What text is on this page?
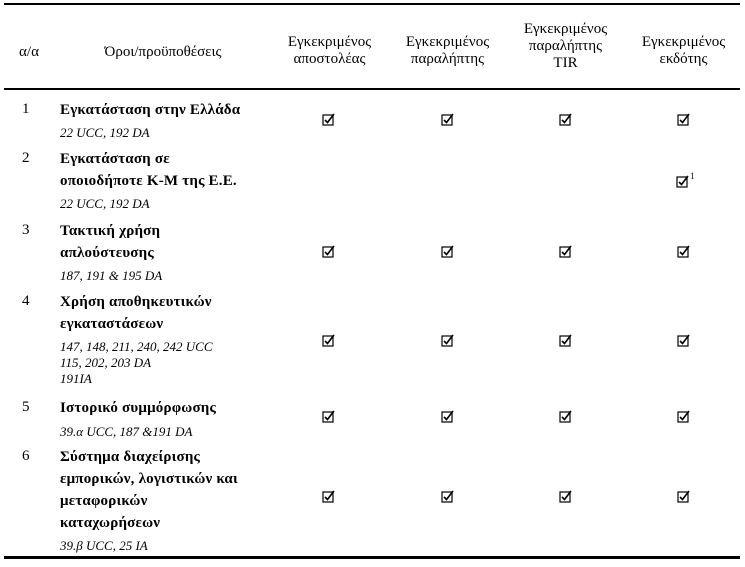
α/α	Όροι/προϋποθέσεις
Εγκεκριμένος
αποστολέας
Εγκεκριμένος
παραλήπτης
Εγκεκριμένος
παραλήπτης
TIR
Εγκεκριμένος
εκδότης
1 Εγκατάσταση στην Ελλάδα
22 UCC, 192 DA
2 Εγκατάσταση σε
οποιοδήποτε Κ-Μ της Ε.Ε.
22 UCC, 192 DA
1
3 Τακτική χρήση
απλούστευσης
187, 191 & 195 DA
4 Χρήση αποθηκευτικών
εγκαταστάσεων
147, 148, 211, 240, 242 UCC
115, 202, 203 DA
191IA
5 Ιστορικό συμμόρφωσης
39.α UCC, 187 &191 DA
6 Σύστημα διαχείρισης
εμπορικών, λογιστικών και
μεταφορικών
καταχωρήσεων
39.β UCC, 25 IA
